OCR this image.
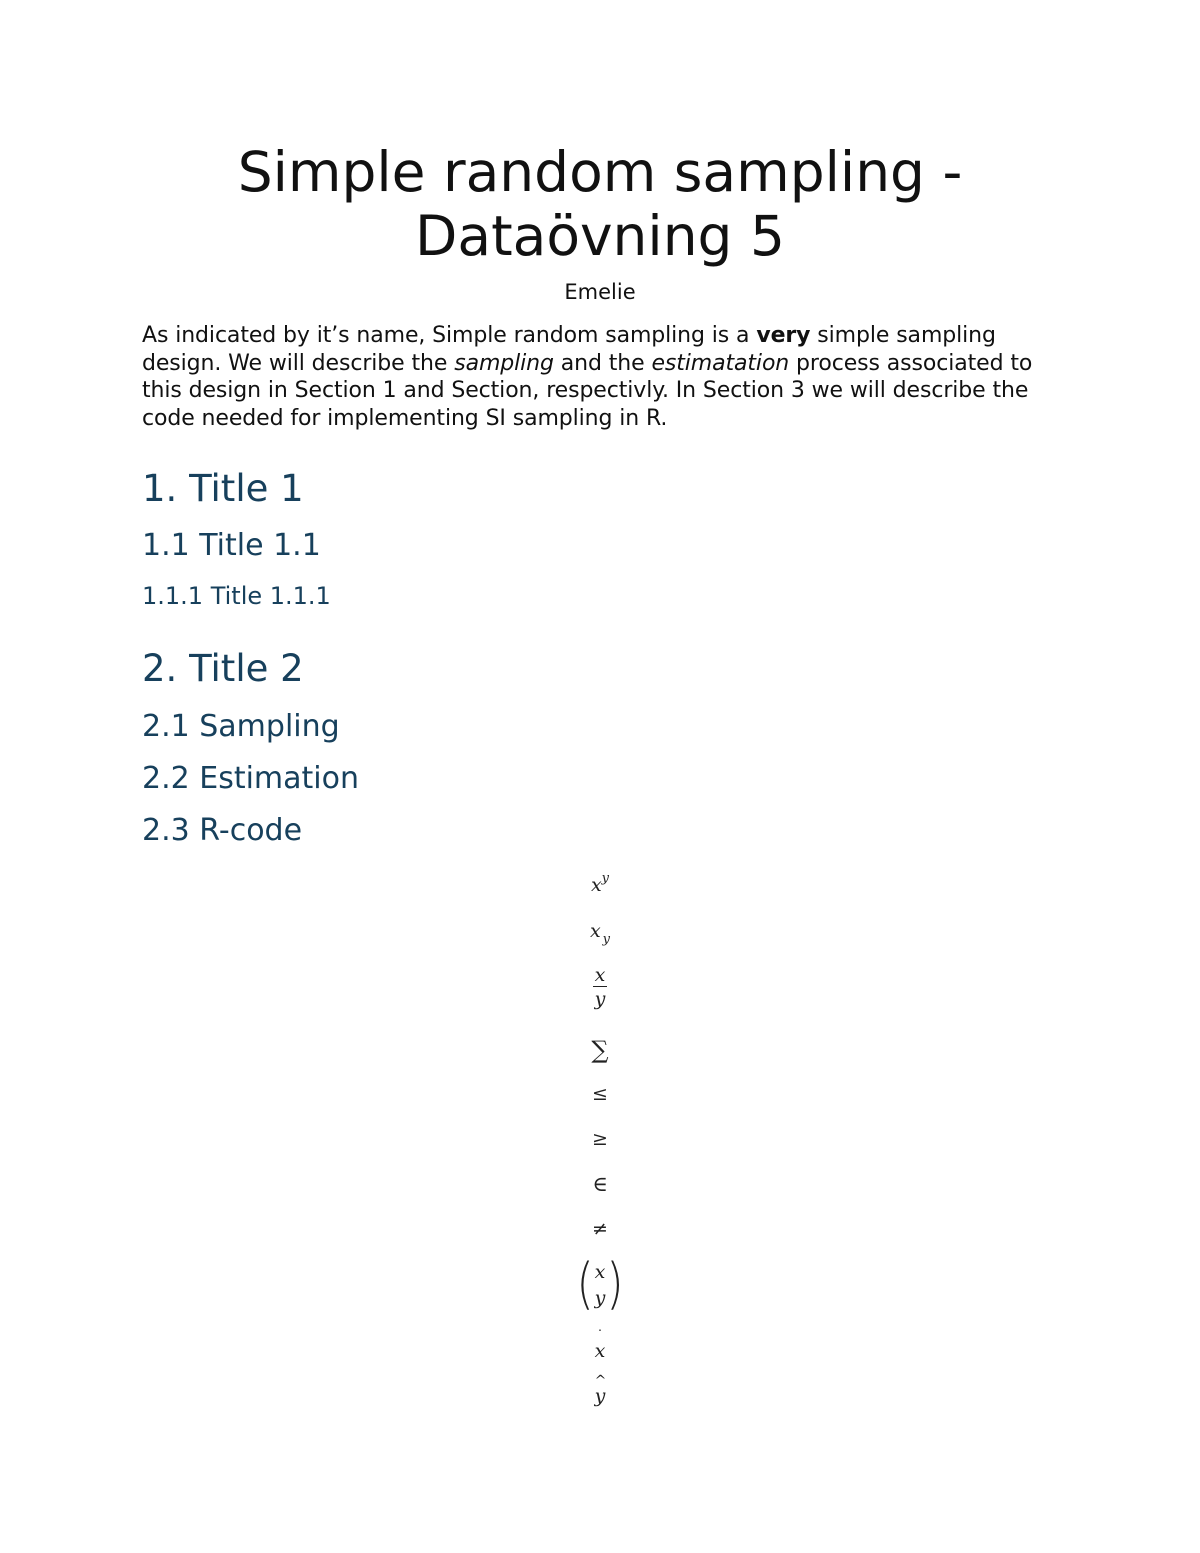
Simple random sampling -
Dataövning 5
Emelie

As indicated by it’s name, Simple random sampling is a very simple sampling design. We will describe the sampling and the estimatation process associated to this design in Section 1 and Section, respectivly. In Section 3 we will describe the code needed for implementing SI sampling in R.

1. Title 1
1.1 Title 1.1
1.1.1 Title 1.1.1
2. Title 2
2.1 Sampling
2.2 Estimation
2.3 R-code
$x^y$
x $_y$
$\frac{x}{y}$
∑
≤
≥
∈
≠
( x
y )
˙
x
^
y
